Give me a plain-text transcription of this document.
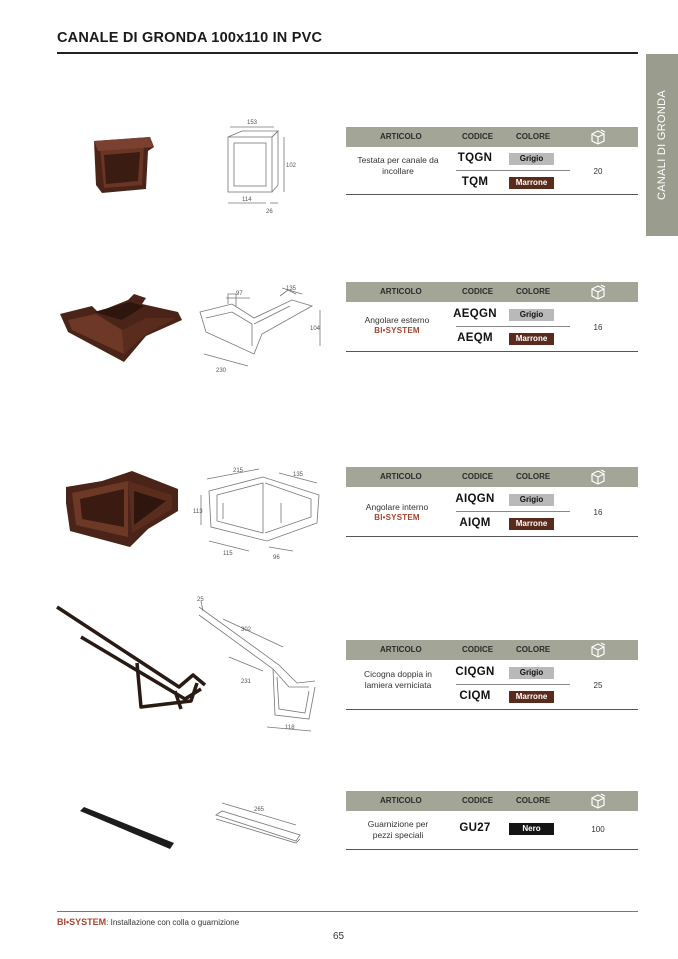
CANALE DI GRONDA 100x110 IN PVC
CANALI DI GRONDA
153
102
114
26
ARTICOLO	CODICE	COLORE
Testata per canale da incollare
TQGN	Grigio
TQM	Marrone
20
97
135
104
230
ARTICOLO	CODICE	COLORE
Angolare esterno
BI•SYSTEM
AEQGN	Grigio
AEQM	Marrone
16
215
135
113
115
96
ARTICOLO	CODICE	COLORE
Angolare interno
BI•SYSTEM
AIQGN	Grigio
AIQM	Marrone
16
25
302
231
118
ARTICOLO	CODICE	COLORE
Cicogna doppia in lamiera verniciata
CIQGN	Grigio
CIQM	Marrone
25
265
ARTICOLO	CODICE	COLORE
Guarnizione per pezzi speciali
GU27	Nero	100
BI•SYSTEM: Installazione con colla o guarnizione
65
